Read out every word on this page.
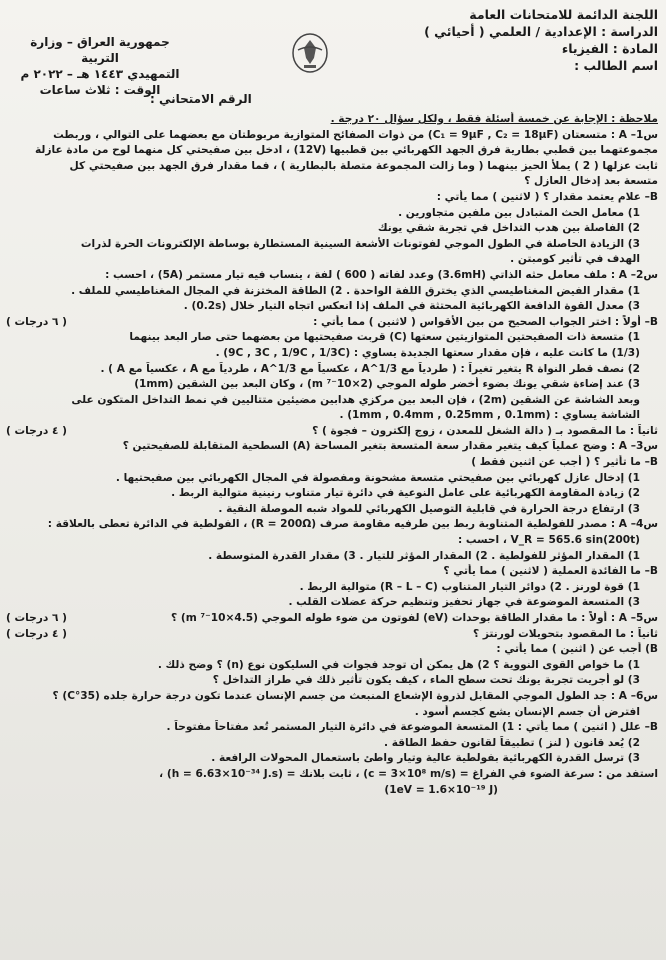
اللجنة الدائمة للامتحانات العامة
الدراسة : الإعدادية / العلمي ( أحيائي )
المادة : الفيزياء
اسم الطالب :
جمهورية العراق – وزارة التربية
التمهيدي ١٤٤٣ هـ – ٢٠٢٢ م
الوقت : ثلاث ساعات
الرقم الامتحاني :
ملاحظة : الإجابة عن خمسة أسئلة فقط ، ولكل سؤال ٢٠ درجة .
س1– A : متسعتان (C₁ = 9μF , C₂ = 18μF) من ذوات الصفائح المتوازية مربوطتان مع بعضهما على التوالي ، وربطت
مجموعتهما بين قطبي بطارية فرق الجهد الكهربائي بين قطبيها (12V) ، ادخل بين صفيحتي كل منهما لوح من مادة عازلة
ثابت عزلها ( 2 ) يملأ الحيز بينهما ( وما زالت المجموعة متصلة بالبطارية ) ، فما مقدار فرق الجهد بين صفيحتي كل
متسعة بعد إدخال العازل ؟
B– علام يعتمد مقدار ؟ ( لاثنين ) مما يأتي :
1) معامل الحث المتبادل بين ملفين متجاورين .
2) الفاصلة بين هدب التداخل في تجربة شقي يونك
3) الزيادة الحاصلة في الطول الموجي لفوتونات الأشعة السينية المستطارة بوساطة الإلكترونات الحرة لذرات
الهدف في تأثير كومبتن .
س2– A : ملف معامل حثه الذاتي (3.6mH) وعدد لفاته ( 600 ) لفة ، ينساب فيه تيار مستمر (5A) ، احسب :
1) مقدار الفيض المغناطيسي الذي يخترق اللفة الواحدة . 2) الطاقة المختزنة في المجال المغناطيسي للملف .
3) معدل القوة الدافعة الكهربائية المحتثة في الملف إذا انعكس اتجاه التيار خلال (0.2s) .
( ٦ درجات )	B– أولاً : اختر الجواب الصحيح من بين الأقواس ( لاثنين ) مما يأتي :
1) متسعة ذات الصفيحتين المتوازيتين سعتها (C) قربت صفيحتيها من بعضهما حتى صار البعد بينهما
(1/3) ما كانت عليه ، فإن مقدار سعتها الجديدة يساوي : (9C , 3C , 1/9C , 1/3C) .
2) نصف قطر النواة R يتغير تغيراً : ( طردياً مع A^1/3 ، عكسياً مع A^1/3 ، طردياً مع A ، عكسياً مع A ) .
3) عند إضاءة شقي يونك بضوء أخضر طوله الموجي (2×10⁻⁷ m) ، وكان البعد بين الشقين (1mm)
وبعد الشاشة عن الشقين (2m) ، فإن البعد بين مركزي هدابين مضيئين متتاليين في نمط التداخل المتكون على
الشاشة يساوي : (1mm , 0.4mm , 0.25mm , 0.1mm) .
( ٤ درجات )	ثانياً : ما المقصود بـ ( دالة الشغل للمعدن ، زوج إلكترون – فجوة ) ؟
س3– A : وضح عملياً كيف يتغير مقدار سعة المتسعة بتغير المساحة (A) السطحية المتقابلة للصفيحتين ؟
B– ما تأثير ؟ ( أجب عن اثنين فقط )
1) إدخال عازل كهربائي بين صفيحتي متسعة مشحونة ومفصولة في المجال الكهربائي بين صفيحتيها .
2) زيادة المقاومة الكهربائية على عامل النوعية في دائرة تيار متناوب رنينية متوالية الربط .
3) ارتفاع درجة الحرارة في قابلية التوصيل الكهربائي للمواد شبه الموصلة النقية .
س4– A : مصدر للفولطية المتناوبة ربط بين طرفيه مقاومة صرف (R = 200Ω) ، الفولطية في الدائرة تعطى بالعلاقة :
V_R = 565.6 sin(200t) ، احسب :
1) المقدار المؤثر للفولطية . 2) المقدار المؤثر للتيار . 3) مقدار القدرة المتوسطة .
B– ما الفائدة العملية ( لاثنين ) مما يأتي ؟
1) قوة لورنز . 2) دوائر التيار المتناوب (R – L – C) متوالية الربط .
3) المتسعة الموضوعة في جهاز تحفيز وتنظيم حركة عضلات القلب .
( ٦ درجات )	س5– A : أولاً : ما مقدار الطاقة بوحدات (eV) لفوتون من ضوء طوله الموجي (4.5×10⁻⁷ m) ؟
( ٤ درجات )	ثانياً : ما المقصود بتحويلات لورنتز ؟
B) أجب عن ( اثنين ) مما يأتي :
1) ما خواص القوى النووية ؟ 2) هل يمكن أن توجد فجوات في السليكون نوع (n) ؟ وضح ذلك .
3) لو أجريت تجربة يونك تحت سطح الماء ، كيف يكون تأثير ذلك في طراز التداخل ؟
س6– A : جد الطول الموجي المقابل لذروة الإشعاع المنبعث من جسم الإنسان عندما تكون درجة حرارة جلده (35°C) ؟
افترض أن جسم الإنسان يشع كجسم أسود .
B– علل ( اثنين ) مما يأتي : 1) المتسعة الموضوعة في دائرة التيار المستمر تُعد مفتاحاً مفتوحاً .
2) يُعد قانون ( لنز ) تطبيقاً لقانون حفظ الطاقة .
3) ترسل القدرة الكهربائية بفولطية عالية وتيار واطئ باستعمال المحولات الرافعة .
استفد من : سرعة الضوء في الفراغ = (c = 3×10⁸ m/s) ، ثابت بلانك = (h = 6.63×10⁻³⁴ J.s) ،
(1eV = 1.6×10⁻¹⁹ J)
